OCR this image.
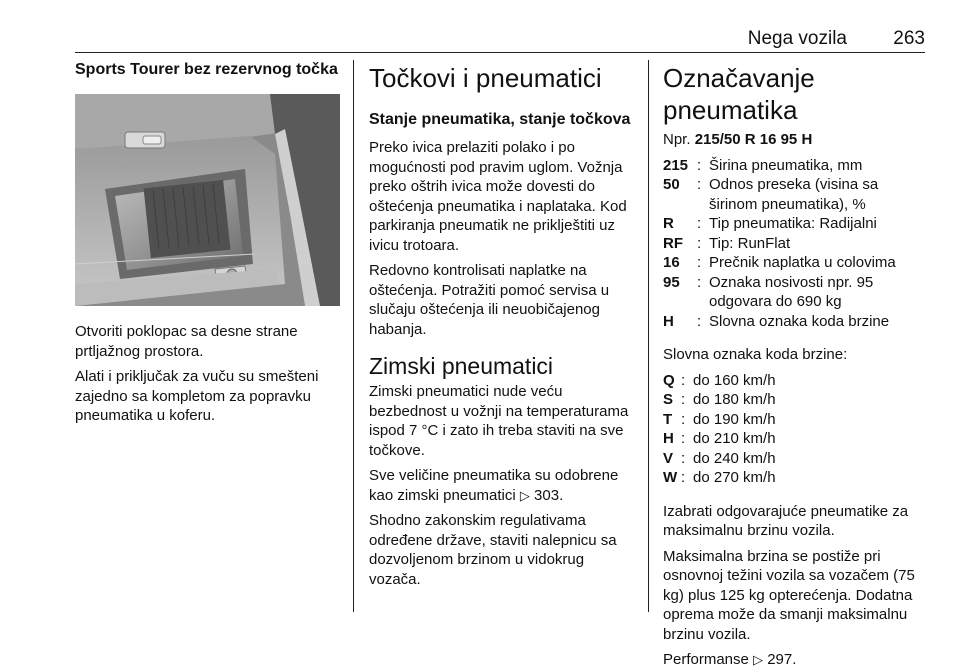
Nega vozila 263
Sports Tourer bez rezervnog točka

Otvoriti poklopac sa desne strane prtljažnog prostora.

Alati i priključak za vuču su smešteni zajedno sa kompletom za popravku pneumatika u koferu.

Točkovi i pneumatici
Stanje pneumatika, stanje točkova

Preko ivica prelaziti polako i po mogućnosti pod pravim uglom. Vožnja preko oštrih ivica može dovesti do oštećenja pneumatika i naplataka. Kod parkiranja pneumatik ne priklještiti uz ivicu trotoara.

Redovno kontrolisati naplatke na oštećenja. Potražiti pomoć servisa u slučaju oštećenja ili neuobičajenog habanja.

Zimski pneumatici

Zimski pneumatici nude veću bezbednost u vožnji na temperaturama ispod 7 °C i zato ih treba staviti na sve točkove.

Sve veličine pneumatika su odobrene kao zimski pneumatici ▷ 303.

Shodno zakonskim regulativama određene države, staviti nalepnicu sa dozvoljenom brzinom u vidokrug vozača.

Označavanje pneumatika

Npr. 215/50 R 16 95 H

215 : Širina pneumatika, mm
50	: Odnos preseka (visina sa širinom pneumatika), %
R	: Tip pneumatika: Radijalni
RF : Tip: RunFlat
16	: Prečnik naplatka u colovima
95	: Oznaka nosivosti npr. 95 odgovara do 690 kg
H	: Slovna oznaka koda brzine

Slovna oznaka koda brzine:

Q : do 160 km/h
S : do 180 km/h
T : do 190 km/h
H : do 210 km/h
V : do 240 km/h
W : do 270 km/h

Izabrati odgovarajuće pneumatike za maksimalnu brzinu vozila.

Maksimalna brzina se postiže pri osnovnoj težini vozila sa vozačem (75 kg) plus 125 kg opterećenja. Dodatna oprema može da smanji maksimalnu brzinu vozila.

Performanse ▷ 297.
